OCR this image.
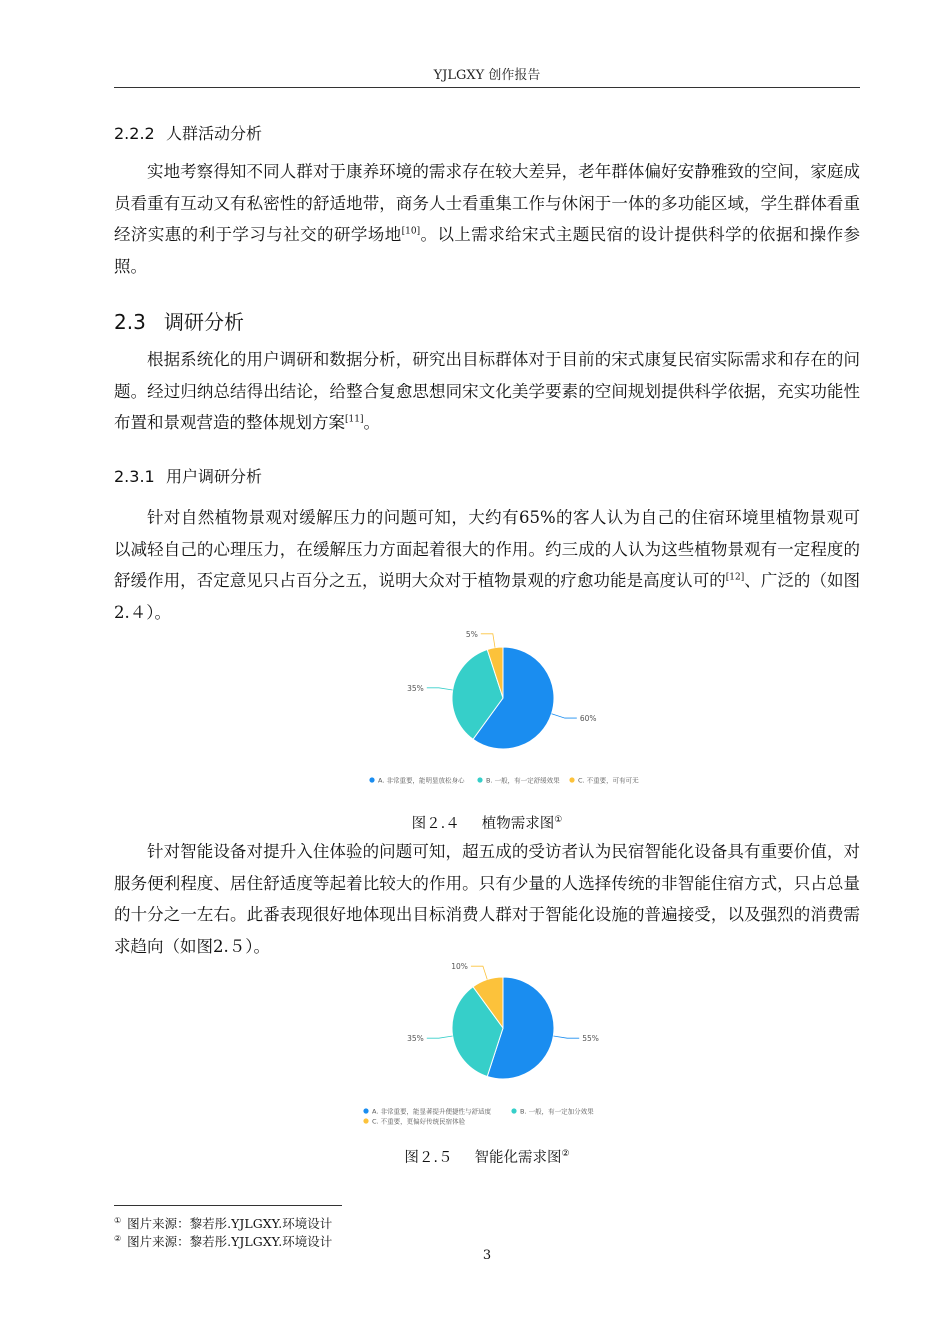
YJLGXY 创作报告
2.2.2 人群活动分析

实地考察得知不同人群对于康养环境的需求存在较大差异，老年群体偏好安静雅致的空间，家庭成员看重有互动又有私密性的舒适地带，商务人士看重集工作与休闲于一体的多功能区域，学生群体看重经济实惠的利于学习与社交的研学场地[10]。以上需求给宋式主题民宿的设计提供科学的依据和操作参照。

2.3 调研分析

根据系统化的用户调研和数据分析，研究出目标群体对于目前的宋式康复民宿实际需求和存在的问题。经过归纳总结得出结论，给整合复愈思想同宋文化美学要素的空间规划提供科学依据，充实功能性布置和景观营造的整体规划方案[11]。

2.3.1 用户调研分析

针对自然植物景观对缓解压力的问题可知，大约有65%的客人认为自己的住宿环境里植物景观可以减轻自己的心理压力，在缓解压力方面起着很大的作用。约三成的人认为这些植物景观有一定程度的舒缓作用，否定意见只占百分之五，说明大众对于植物景观的疗愈功能是高度认可的[12]、广泛的（如图2.４）。

60%
35%
5%
A. 非常重要，能明显放松身心	B. 一般，有一定舒缓效果	C. 不重要，可有可无
图２.４ 植物需求图①

针对智能设备对提升入住体验的问题可知，超五成的受访者认为民宿智能化设备具有重要价值，对服务便利程度、居住舒适度等起着比较大的作用。只有少量的人选择传统的非智能住宿方式，只占总量的十分之一左右。此番表现很好地体现出目标消费人群对于智能化设施的普遍接受，以及强烈的消费需求趋向（如图2.５）。

55%
35%
10%
A. 非常重要，能显著提升便捷性与舒适度	B. 一般，有一定加分效果
C. 不重要，更偏好传统民宿体验
图２.５ 智能化需求图②
① 图片来源：黎若彤.YJLGXY.环境设计
② 图片来源：黎若彤.YJLGXY.环境设计
3
